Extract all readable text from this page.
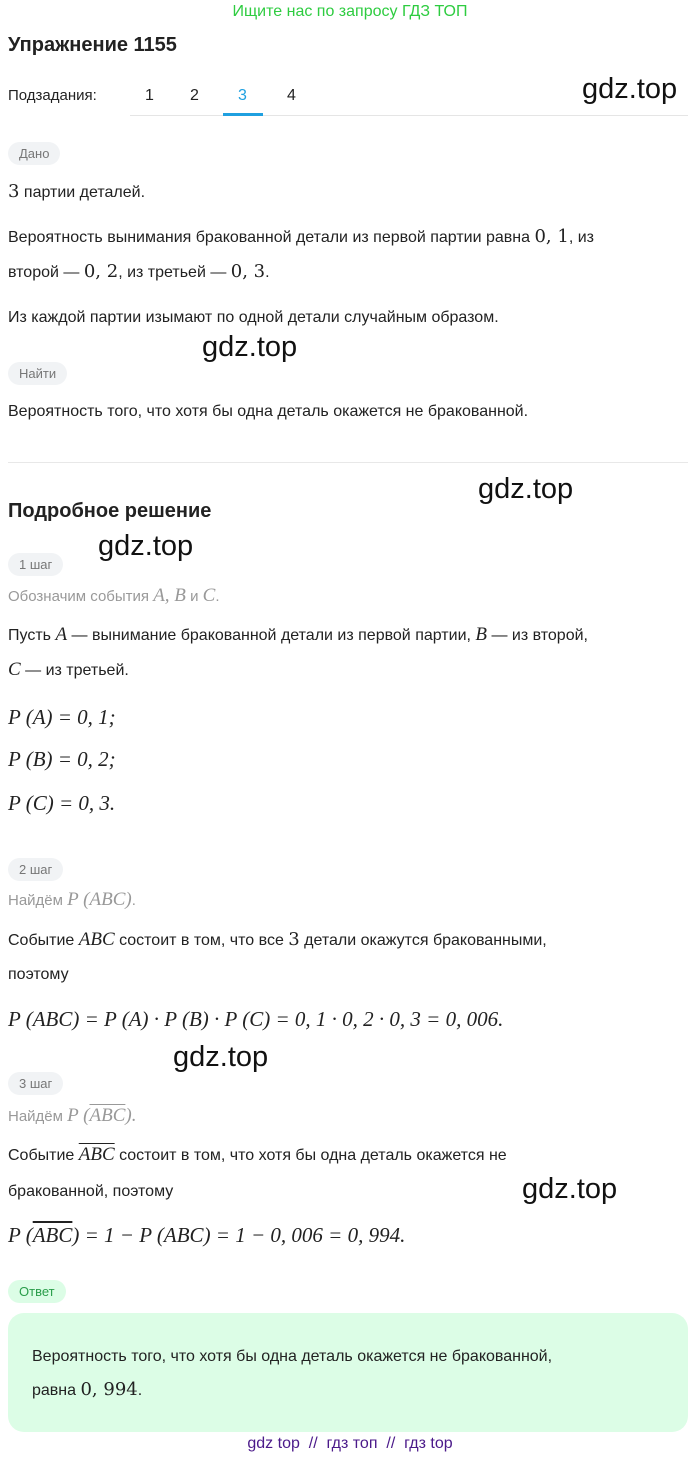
Ищите нас по запросу ГДЗ ТОП
Упражнение 1155
Подзадания:	1 2 3	4	gdz.top
gdz.top
gdz.top
gdz.top
gdz.top
gdz.top
Дано
3 партии деталей.
Вероятность вынимания бракованной детали из первой партии равна 0, 1, из
второй — 0, 2, из третьей — 0, 3.
Из каждой партии изымают по одной детали случайным образом.
Найти
Вероятность того, что хотя бы одна деталь окажется не бракованной.
Подробное решение
1 шаг
Обозначим события A, B и C.
Пусть A — вынимание бракованной детали из первой партии, B — из второй,
C — из третьей.
P (A) = 0, 1;
P (B) = 0, 2;
P (C) = 0, 3.
2 шаг
Найдём P (ABC).
Событие ABC состоит в том, что все 3 детали окажутся бракованными,
поэтому
P (ABC) = P (A) · P (B) · P (C) = 0, 1 · 0, 2 · 0, 3 = 0, 006.
3 шаг
Найдём P $(\overline{ABC})$.
Событие $\overline{ABC}$ состоит в том, что хотя бы одна деталь окажется не
бракованной, поэтому
P $(\overline{ABC}) = 1 - P$ (ABC) = 1 − 0, 006 = 0, 994.
Ответ
Вероятность того, что хотя бы одна деталь окажется не бракованной,
равна 0, 994.
gdz top  //  гдз топ  //  гдз top
